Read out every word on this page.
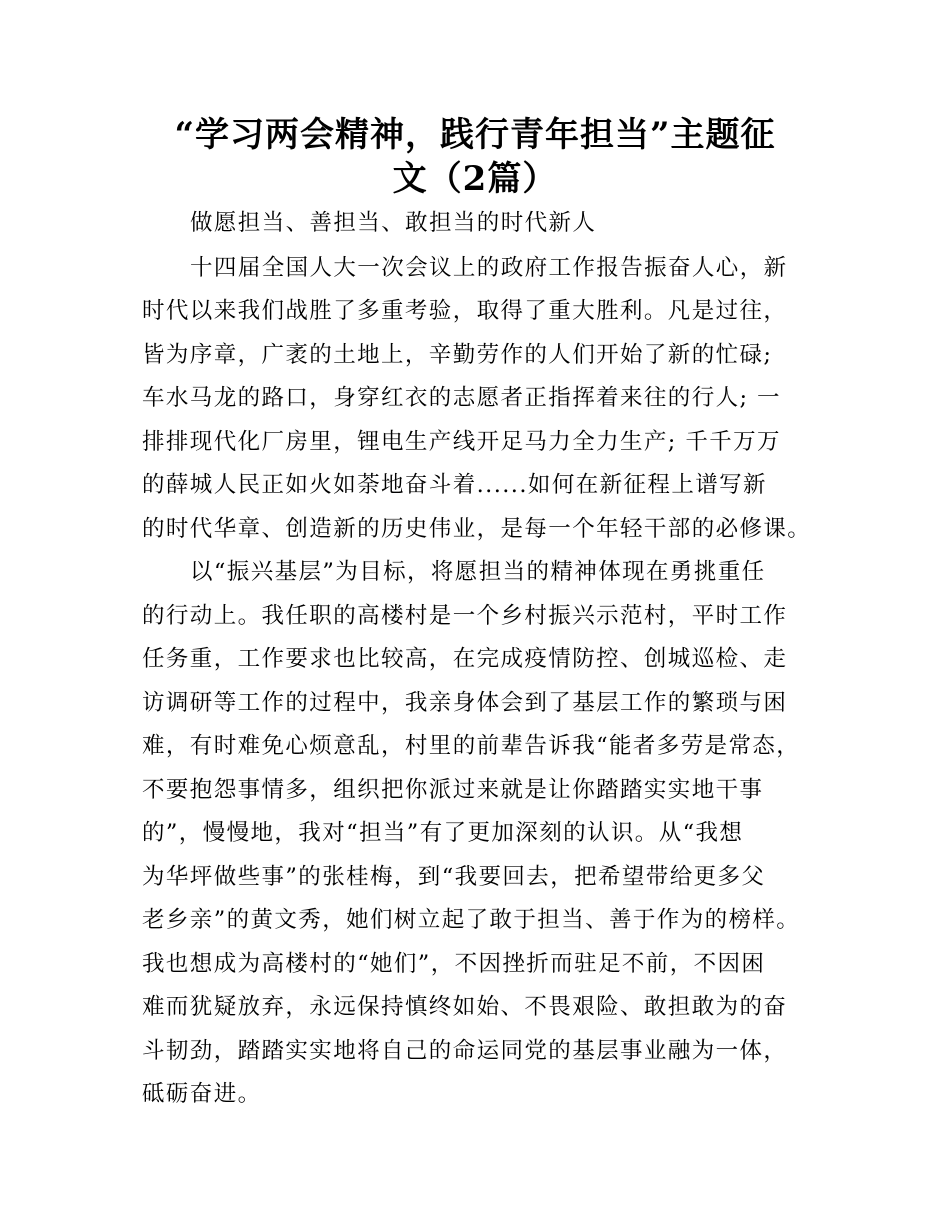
“学习两会精神，践行青年担当”主题征
文（2篇）
做愿担当、善担当、敢担当的时代新人
十四届全国人大一次会议上的政府工作报告振奋人心，新
时代以来我们战胜了多重考验，取得了重大胜利。凡是过往，
皆为序章，广袤的土地上，辛勤劳作的人们开始了新的忙碌;
车水马龙的路口，身穿红衣的志愿者正指挥着来往的行人; 一
排排现代化厂房里，锂电生产线开足马力全力生产; 千千万万
的薛城人民正如火如荼地奋斗着......如何在新征程上谱写新
的时代华章、创造新的历史伟业，是每一个年轻干部的必修课。
以“振兴基层”为目标，将愿担当的精神体现在勇挑重任
的行动上。我任职的高楼村是一个乡村振兴示范村，平时工作
任务重，工作要求也比较高，在完成疫情防控、创城巡检、走
访调研等工作的过程中，我亲身体会到了基层工作的繁琐与困
难，有时难免心烦意乱，村里的前辈告诉我“能者多劳是常态，
不要抱怨事情多，组织把你派过来就是让你踏踏实实地干事
的”，慢慢地，我对“担当”有了更加深刻的认识。从“我想
为华坪做些事”的张桂梅，到“我要回去，把希望带给更多父
老乡亲”的黄文秀，她们树立起了敢于担当、善于作为的榜样。
我也想成为高楼村的“她们”，不因挫折而驻足不前，不因困
难而犹疑放弃，永远保持慎终如始、不畏艰险、敢担敢为的奋
斗韧劲，踏踏实实地将自己的命运同党的基层事业融为一体，
砥砺奋进。
